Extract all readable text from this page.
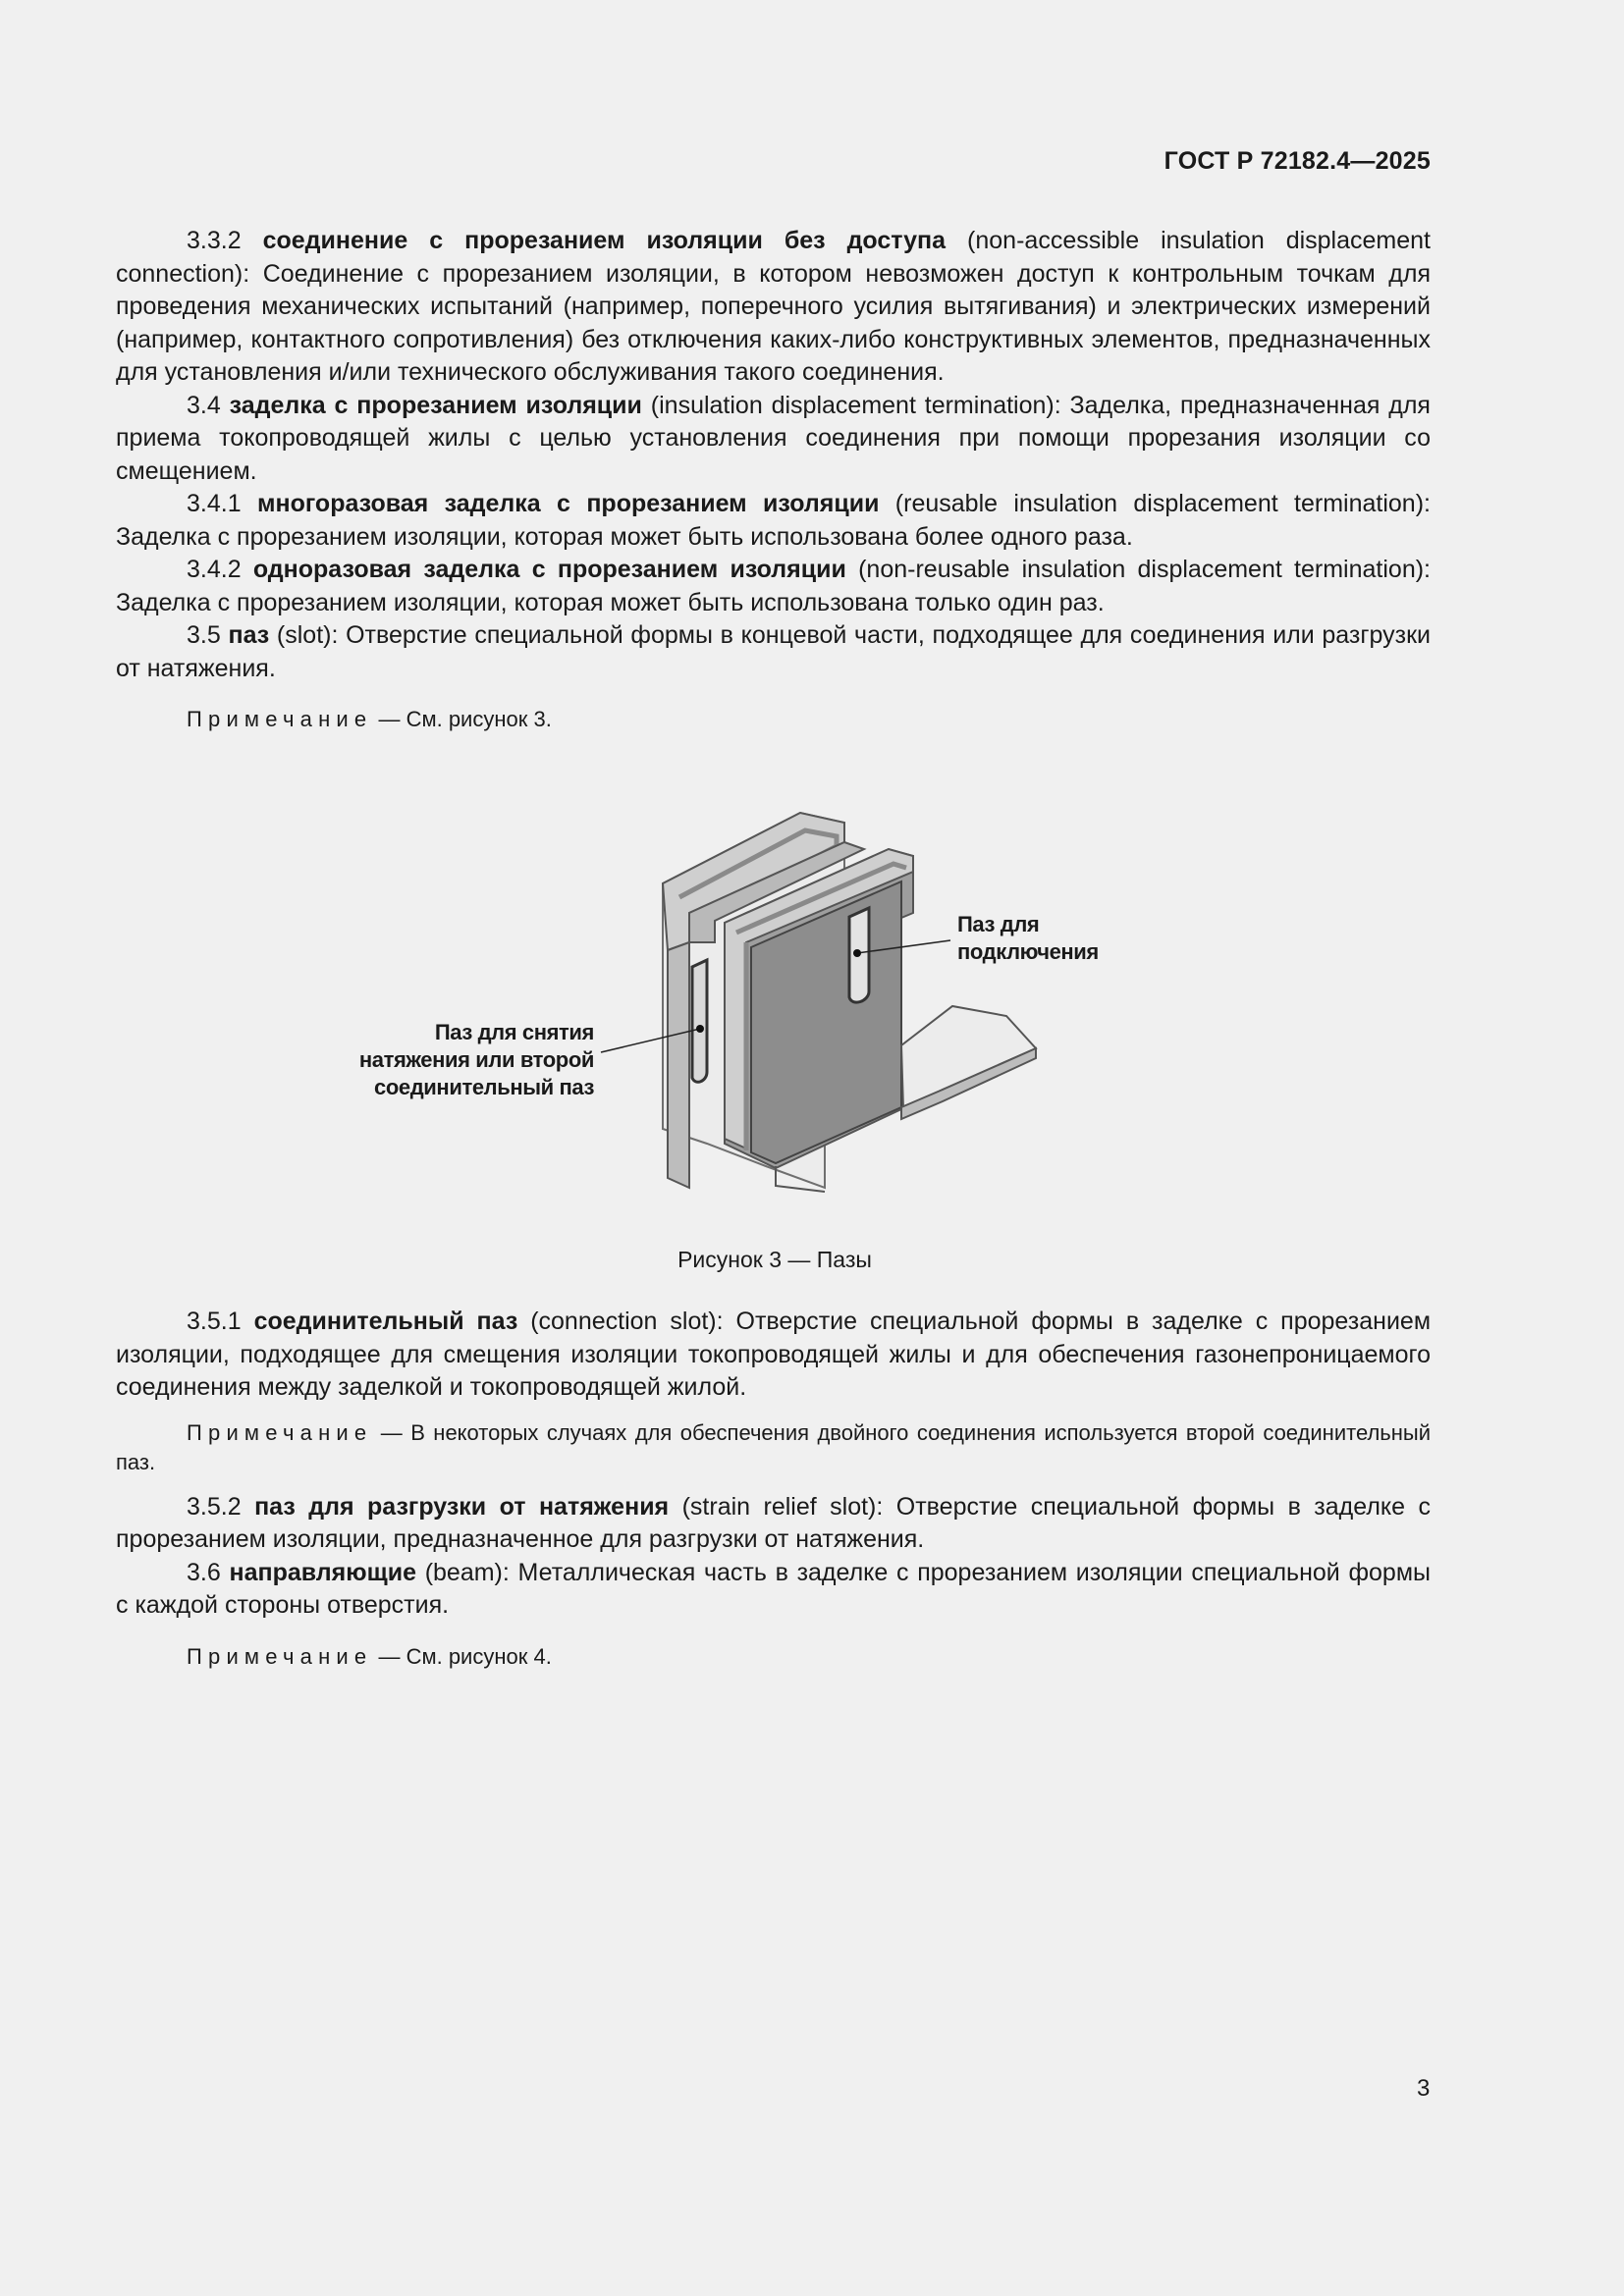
ГОСТ Р 72182.4—2025

3.3.2 соединение с прорезанием изоляции без доступа (non-accessible insulation displacement connection): Соединение с прорезанием изоляции, в котором невозможен доступ к контрольным точкам для проведения механических испытаний (например, поперечного усилия вытягивания) и электрических измерений (например, контактного сопротивления) без отключения каких-либо конструктивных элементов, предназначенных для установления и/или технического обслуживания такого соединения.

3.4 заделка с прорезанием изоляции (insulation displacement termination): Заделка, предназначенная для приема токопроводящей жилы с целью установления соединения при помощи прорезания изоляции со смещением.

3.4.1 многоразовая заделка с прорезанием изоляции (reusable insulation displacement termination): Заделка с прорезанием изоляции, которая может быть использована более одного раза.

3.4.2 одноразовая заделка с прорезанием изоляции (non-reusable insulation displacement termination): Заделка с прорезанием изоляции, которая может быть использована только один раз.

3.5 паз (slot): Отверстие специальной формы в концевой части, подходящее для соединения или разгрузки от натяжения.

Примечание — См. рисунок 3.

Паз для
подключения
Паз для снятия
натяжения или второй
соединительный паз
Рисунок 3 — Пазы

3.5.1 соединительный паз (connection slot): Отверстие специальной формы в заделке с прорезанием изоляции, подходящее для смещения изоляции токопроводящей жилы и для обеспечения газонепроницаемого соединения между заделкой и токопроводящей жилой.

Примечание — В некоторых случаях для обеспечения двойного соединения используется второй соединительный паз.

3.5.2 паз для разгрузки от натяжения (strain relief slot): Отверстие специальной формы в заделке с прорезанием изоляции, предназначенное для разгрузки от натяжения.

3.6 направляющие (beam): Металлическая часть в заделке с прорезанием изоляции специальной формы с каждой стороны отверстия.

Примечание — См. рисунок 4.

3
